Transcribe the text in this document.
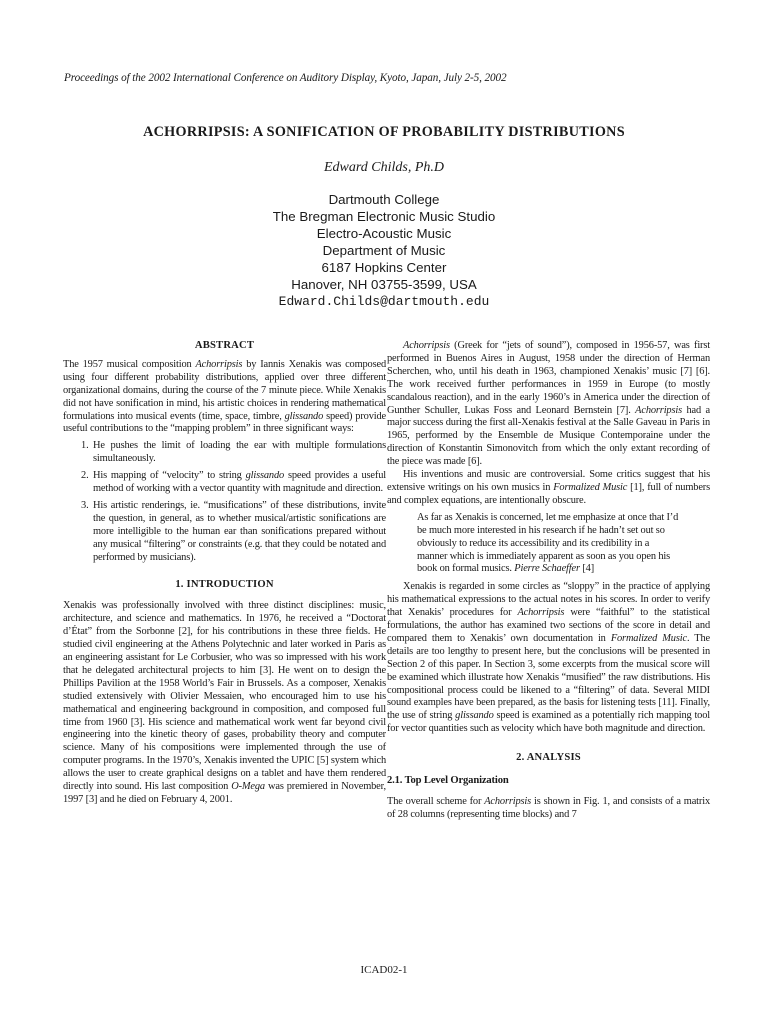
Proceedings of the 2002 International Conference on Auditory Display, Kyoto, Japan, July 2-5, 2002
ACHORRIPSIS: A SONIFICATION OF PROBABILITY DISTRIBUTIONS
Edward Childs, Ph.D
Dartmouth College
The Bregman Electronic Music Studio
Electro-Acoustic Music
Department of Music
6187 Hopkins Center
Hanover, NH 03755-3599, USA
Edward.Childs@dartmouth.edu
ABSTRACT

The 1957 musical composition Achorripsis by Iannis Xenakis was composed using four different probability distributions, applied over three different organizational domains, during the course of the 7 minute piece. While Xenakis did not have sonification in mind, his artistic choices in rendering mathematical formulations into musical events (time, space, timbre, glissando speed) provide useful contributions to the “mapping problem” in three significant ways:

1. He pushes the limit of loading the ear with multiple formulations simultaneously.
2. His mapping of “velocity” to string glissando speed provides a useful method of working with a vector quantity with magnitude and direction.
3. His artistic renderings, ie. “musifications” of these distributions, invite the question, in general, as to whether musical/artistic sonifications are more intelligible to the human ear than sonifications prepared without any musical “filtering” or constraints (e.g. that they could be notated and performed by musicians).
1. INTRODUCTION

Xenakis was professionally involved with three distinct disciplines: music, architecture, and science and mathematics. In 1976, he received a “Doctorat d’État” from the Sorbonne [2], for his contributions in these three fields. He studied civil engineering at the Athens Polytechnic and later worked in Paris as an engineering assistant for Le Corbusier, who was so impressed with his work that he delegated architectural projects to him [3]. He went on to design the Phillips Pavilion at the 1958 World’s Fair in Brussels. As a composer, Xenakis studied extensively with Olivier Messaien, who encouraged him to use his mathematical and engineering background in composition, and composed full time from 1960 [3]. His science and mathematical work went far beyond civil engineering into the kinetic theory of gases, probability theory and computer science. Many of his compositions were implemented through the use of computer programs. In the 1970’s, Xenakis invented the UPIC [5] system which allows the user to create graphical designs on a tablet and have them rendered directly into sound. His last composition O-Mega was premiered in November, 1997 [3] and he died on February 4, 2001.

Achorripsis (Greek for “jets of sound”), composed in 1956-57, was first performed in Buenos Aires in August, 1958 under the direction of Herman Scherchen, who, until his death in 1963, championed Xenakis’ music [7] [6]. The work received further performances in 1959 in Europe (to mostly scandalous reaction), and in the early 1960’s in America under the direction of Gunther Schuller, Lukas Foss and Leonard Bernstein [7]. Achorripsis had a major success during the first all-Xenakis festival at the Salle Gaveau in Paris in 1965, performed by the Ensemble de Musique Contemporaine under the direction of Konstantin Simonovitch from which the only extant recording of the piece was made [6].

His inventions and music are controversial. Some critics suggest that his extensive writings on his own musics in Formalized Music [1], full of numbers and complex equations, are intentionally obscure.

As far as Xenakis is concerned, let me emphasize at once that I’d be much more interested in his research if he hadn’t set out so obviously to reduce its accessibility and its credibility in a manner which is immediately apparent as soon as you open his book on formal musics. Pierre Schaeffer [4]

Xenakis is regarded in some circles as “sloppy” in the practice of applying his mathematical expressions to the actual notes in his scores. In order to verify that Xenakis’ procedures for Achorripsis were “faithful” to the statistical formulations, the author has examined two sections of the score in detail and compared them to Xenakis’ own documentation in Formalized Music. The details are too lengthy to present here, but the conclusions will be presented in Section 2 of this paper. In Section 3, some excerpts from the musical score will be examined which illustrate how Xenakis “musified” the raw distributions. His compositional process could be likened to a “filtering” of data. Several MIDI sound examples have been prepared, as the basis for listening tests [11]. Finally, the use of string glissando speed is examined as a potentially rich mapping tool for vector quantities such as velocity which have both magnitude and direction.

2. ANALYSIS
2.1. Top Level Organization

The overall scheme for Achorripsis is shown in Fig. 1, and consists of a matrix of 28 columns (representing time blocks) and 7

ICAD02-1
